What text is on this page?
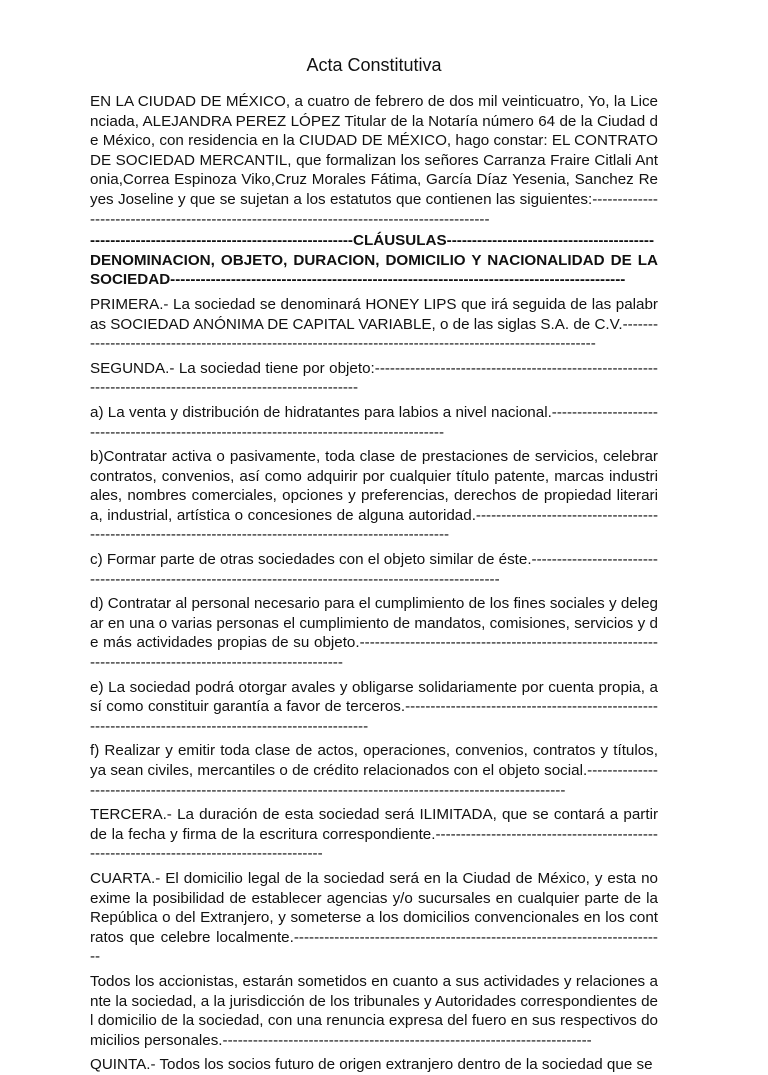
Acta Constitutiva

EN LA CIUDAD DE MÉXICO, a cuatro de febrero de dos mil veinticuatro, Yo, la Licenciada, ALEJANDRA PEREZ LÓPEZ Titular de la Notaría número 64 de la Ciudad de México, con residencia en la CIUDAD DE MÉXICO, hago constar: EL CONTRATO DE SOCIEDAD MERCANTIL, que formalizan los señores Carranza Fraire Citlali Antonia,Correa Espinoza Viko,Cruz Morales Fátima, García Díaz Yesenia, Sanchez Reyes Joseline y que se sujetan a los estatutos que contienen las siguientes:--------------------------------------------------------------------------------------------

----------------------------------------------------CLÁUSULAS-----------------------------------------

DENOMINACION, OBJETO, DURACION, DOMICILIO Y NACIONALIDAD DE LA SOCIEDAD------------------------------------------------------------------------------------------

PRIMERA.- La sociedad se denominará HONEY LIPS que irá seguida de las palabras SOCIEDAD ANÓNIMA DE CAPITAL VARIABLE, o de las siglas S.A. de C.V.-----------------------------------------------------------------------------------------------------------

SEGUNDA.- La sociedad tiene por objeto:-------------------------------------------------------------------------------------------------------------

a) La venta y distribución de hidratantes para labios a nivel nacional.-------------------------------------------------------------------------------------------

b)Contratar activa o pasivamente, toda clase de prestaciones de servicios, celebrar contratos, convenios, así como adquirir por cualquier título patente, marcas industriales, nombres comerciales, opciones y preferencias, derechos de propiedad literaria, industrial, artística o concesiones de alguna autoridad.-----------------------------------------------------------------------------------------------------------

c) Formar parte de otras sociedades con el objeto similar de éste.----------------------------------------------------------------------------------------------------------

d) Contratar al personal necesario para el cumplimiento de los fines sociales y delegar en una o varias personas el cumplimiento de mandatos, comisiones, servicios y de más actividades propias de su objeto.-------------------------------------------------------------------------------------------------------------

e) La sociedad podrá otorgar avales y obligarse solidariamente por cuenta propia, así como constituir garantía a favor de terceros.---------------------------------------------------------------------------------------------------------

f) Realizar y emitir toda clase de actos, operaciones, convenios, contratos y títulos, ya sean civiles, mercantiles o de crédito relacionados con el objeto social.------------------------------------------------------------------------------------------------------------

TERCERA.- La duración de esta sociedad será ILIMITADA, que se contará a partir de la fecha y firma de la escritura correspondiente.------------------------------------------------------------------------------------------

CUARTA.- El domicilio legal de la sociedad será en la Ciudad de México, y esta no exime la posibilidad de establecer agencias y/o sucursales en cualquier parte de la República o del Extranjero, y someterse a los domicilios convencionales en los contratos que celebre localmente.--------------------------------------------------------------------------

Todos los accionistas, estarán sometidos en cuanto a sus actividades y relaciones ante la sociedad, a la jurisdicción de los tribunales y Autoridades correspondientes del domicilio de la sociedad, con una renuncia expresa del fuero en sus respectivos domicilios personales.-------------------------------------------------------------------------

QUINTA.- Todos los socios futuro de origen extranjero dentro de la sociedad que se
